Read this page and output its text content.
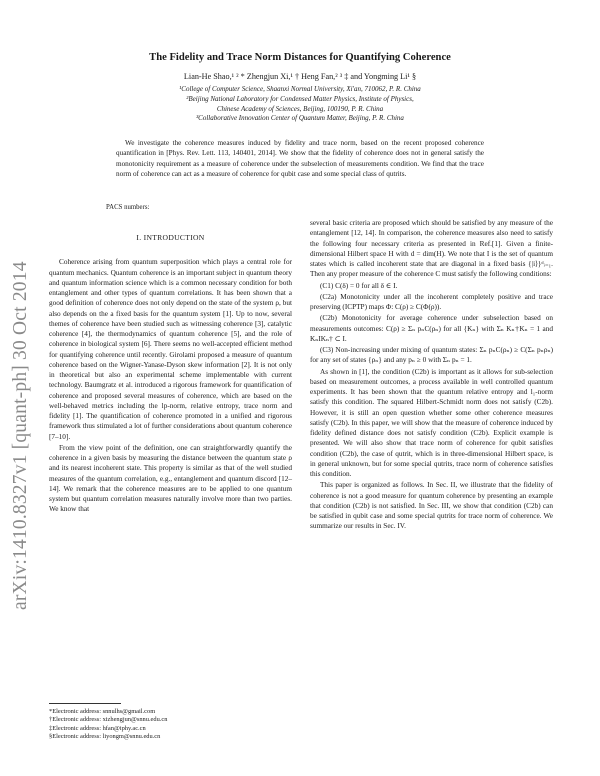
arXiv:1410.8327v1 [quant-ph] 30 Oct 2014
The Fidelity and Trace Norm Distances for Quantifying Coherence
Lian-He Shao,¹ ² * Zhengjun Xi,¹ † Heng Fan,² ³ ‡ and Yongming Li¹ §
¹College of Computer Science, Shaanxi Normal University, Xi'an, 710062, P. R. China
²Beijing National Laboratory for Condensed Matter Physics, Institute of Physics,
Chinese Academy of Sciences, Beijing, 100190, P. R. China
³Collaborative Innovation Center of Quantum Matter, Beijing, P. R. China
We investigate the coherence measures induced by fidelity and trace norm, based on the recent proposed coherence quantification in [Phys. Rev. Lett. 113, 140401, 2014]. We show that the fidelity of coherence does not in general satisfy the monotonicity requirement as a measure of coherence under the subselection of measurements condition. We find that the trace norm of coherence can act as a measure of coherence for qubit case and some special class of qutrits.
PACS numbers:
I. INTRODUCTION

Coherence arising from quantum superposition which plays a central role for quantum mechanics. Quantum coherence is an important subject in quantum theory and quantum information science which is a common necessary condition for both entanglement and other types of quantum correlations. It has been shown that a good definition of coherence does not only depend on the state of the system ρ, but also depends on the a fixed basis for the quantum system [1]. Up to now, several themes of coherence have been studied such as witnessing coherence [3], catalytic coherence [4], the thermodynamics of quantum coherence [5], and the role of coherence in biological system [6]. There seems no well-accepted efficient method for quantifying coherence until recently. Girolami proposed a measure of quantum coherence based on the Wigner-Yanase-Dyson skew information [2]. It is not only in theoretical but also an experimental scheme implementable with current technology. Baumgratz et al. introduced a rigorous framework for quantification of coherence and proposed several measures of coherence, which are based on the well-behaved metrics including the lp-norm, relative entropy, trace norm and fidelity [1]. The quantification of coherence promoted in a unified and rigorous framework thus stimulated a lot of further considerations about quantum coherence [7–10].

From the view point of the definition, one can straightforwardly quantify the coherence in a given basis by measuring the distance between the quantum state ρ and its nearest incoherent state. This property is similar as that of the well studied measures of the quantum correlation, e.g., entanglement and quantum discord [12–14]. We remark that the coherence measures are to be applied to one quantum system but quantum correlation measures naturally involve more than two parties. We know that

several basic criteria are proposed which should be satisfied by any measure of the entanglement [12, 14]. In comparison, the coherence measures also need to satisfy the following four necessary criteria as presented in Ref.[1]. Given a finite-dimensional Hilbert space H with d = dim(H). We note that I is the set of quantum states which is called incoherent state that are diagonal in a fixed basis {|i⟩}ᵈᵢ₌₁. Then any proper measure of the coherence C must satisfy the following conditions:

(C1) C(δ) = 0 for all δ ∈ I.

(C2a) Monotonicity under all the incoherent completely positive and trace preserving (ICPTP) maps Φ: C(ρ) ≥ C(Φ(ρ)).

(C2b) Monotonicity for average coherence under subselection based on measurements outcomes: C(ρ) ≥ Σₙ pₙC(ρₙ) for all {Kₙ} with Σₙ Kₙ†Kₙ = 1 and KₙIKₙ† ⊂ I.

(C3) Non-increasing under mixing of quantum states: Σₙ pₙC(ρₙ) ≥ C(Σₙ pₙρₙ) for any set of states {ρₙ} and any pₙ ≥ 0 with Σₙ pₙ = 1.

As shown in [1], the condition (C2b) is important as it allows for sub-selection based on measurement outcomes, a process available in well controlled quantum experiments. It has been shown that the quantum relative entropy and l₁-norm satisfy this condition. The squared Hilbert-Schmidt norm does not satisfy (C2b). However, it is still an open question whether some other coherence measures satisfy (C2b). In this paper, we will show that the measure of coherence induced by fidelity defined distance does not satisfy condition (C2b). Explicit example is presented. We will also show that trace norm of coherence for qubit satisfies condition (C2b), the case of qutrit, which is in three-dimensional Hilbert space, is in general unknown, but for some special qutrits, trace norm of coherence satisfies this condition.

This paper is organized as follows. In Sec. II, we illustrate that the fidelity of coherence is not a good measure for quantum coherence by presenting an example that condition (C2b) is not satisfied. In Sec. III, we show that condition (C2b) can be satisfied in qubit case and some special qutrits for trace norm of coherence. We summarize our results in Sec. IV.

*Electronic address: snnulhs@gmail.com
†Electronic address: xizhengjun@snnu.edu.cn
‡Electronic address: hfan@iphy.ac.cn
§Electronic address: liyongm@snnu.edu.cn
